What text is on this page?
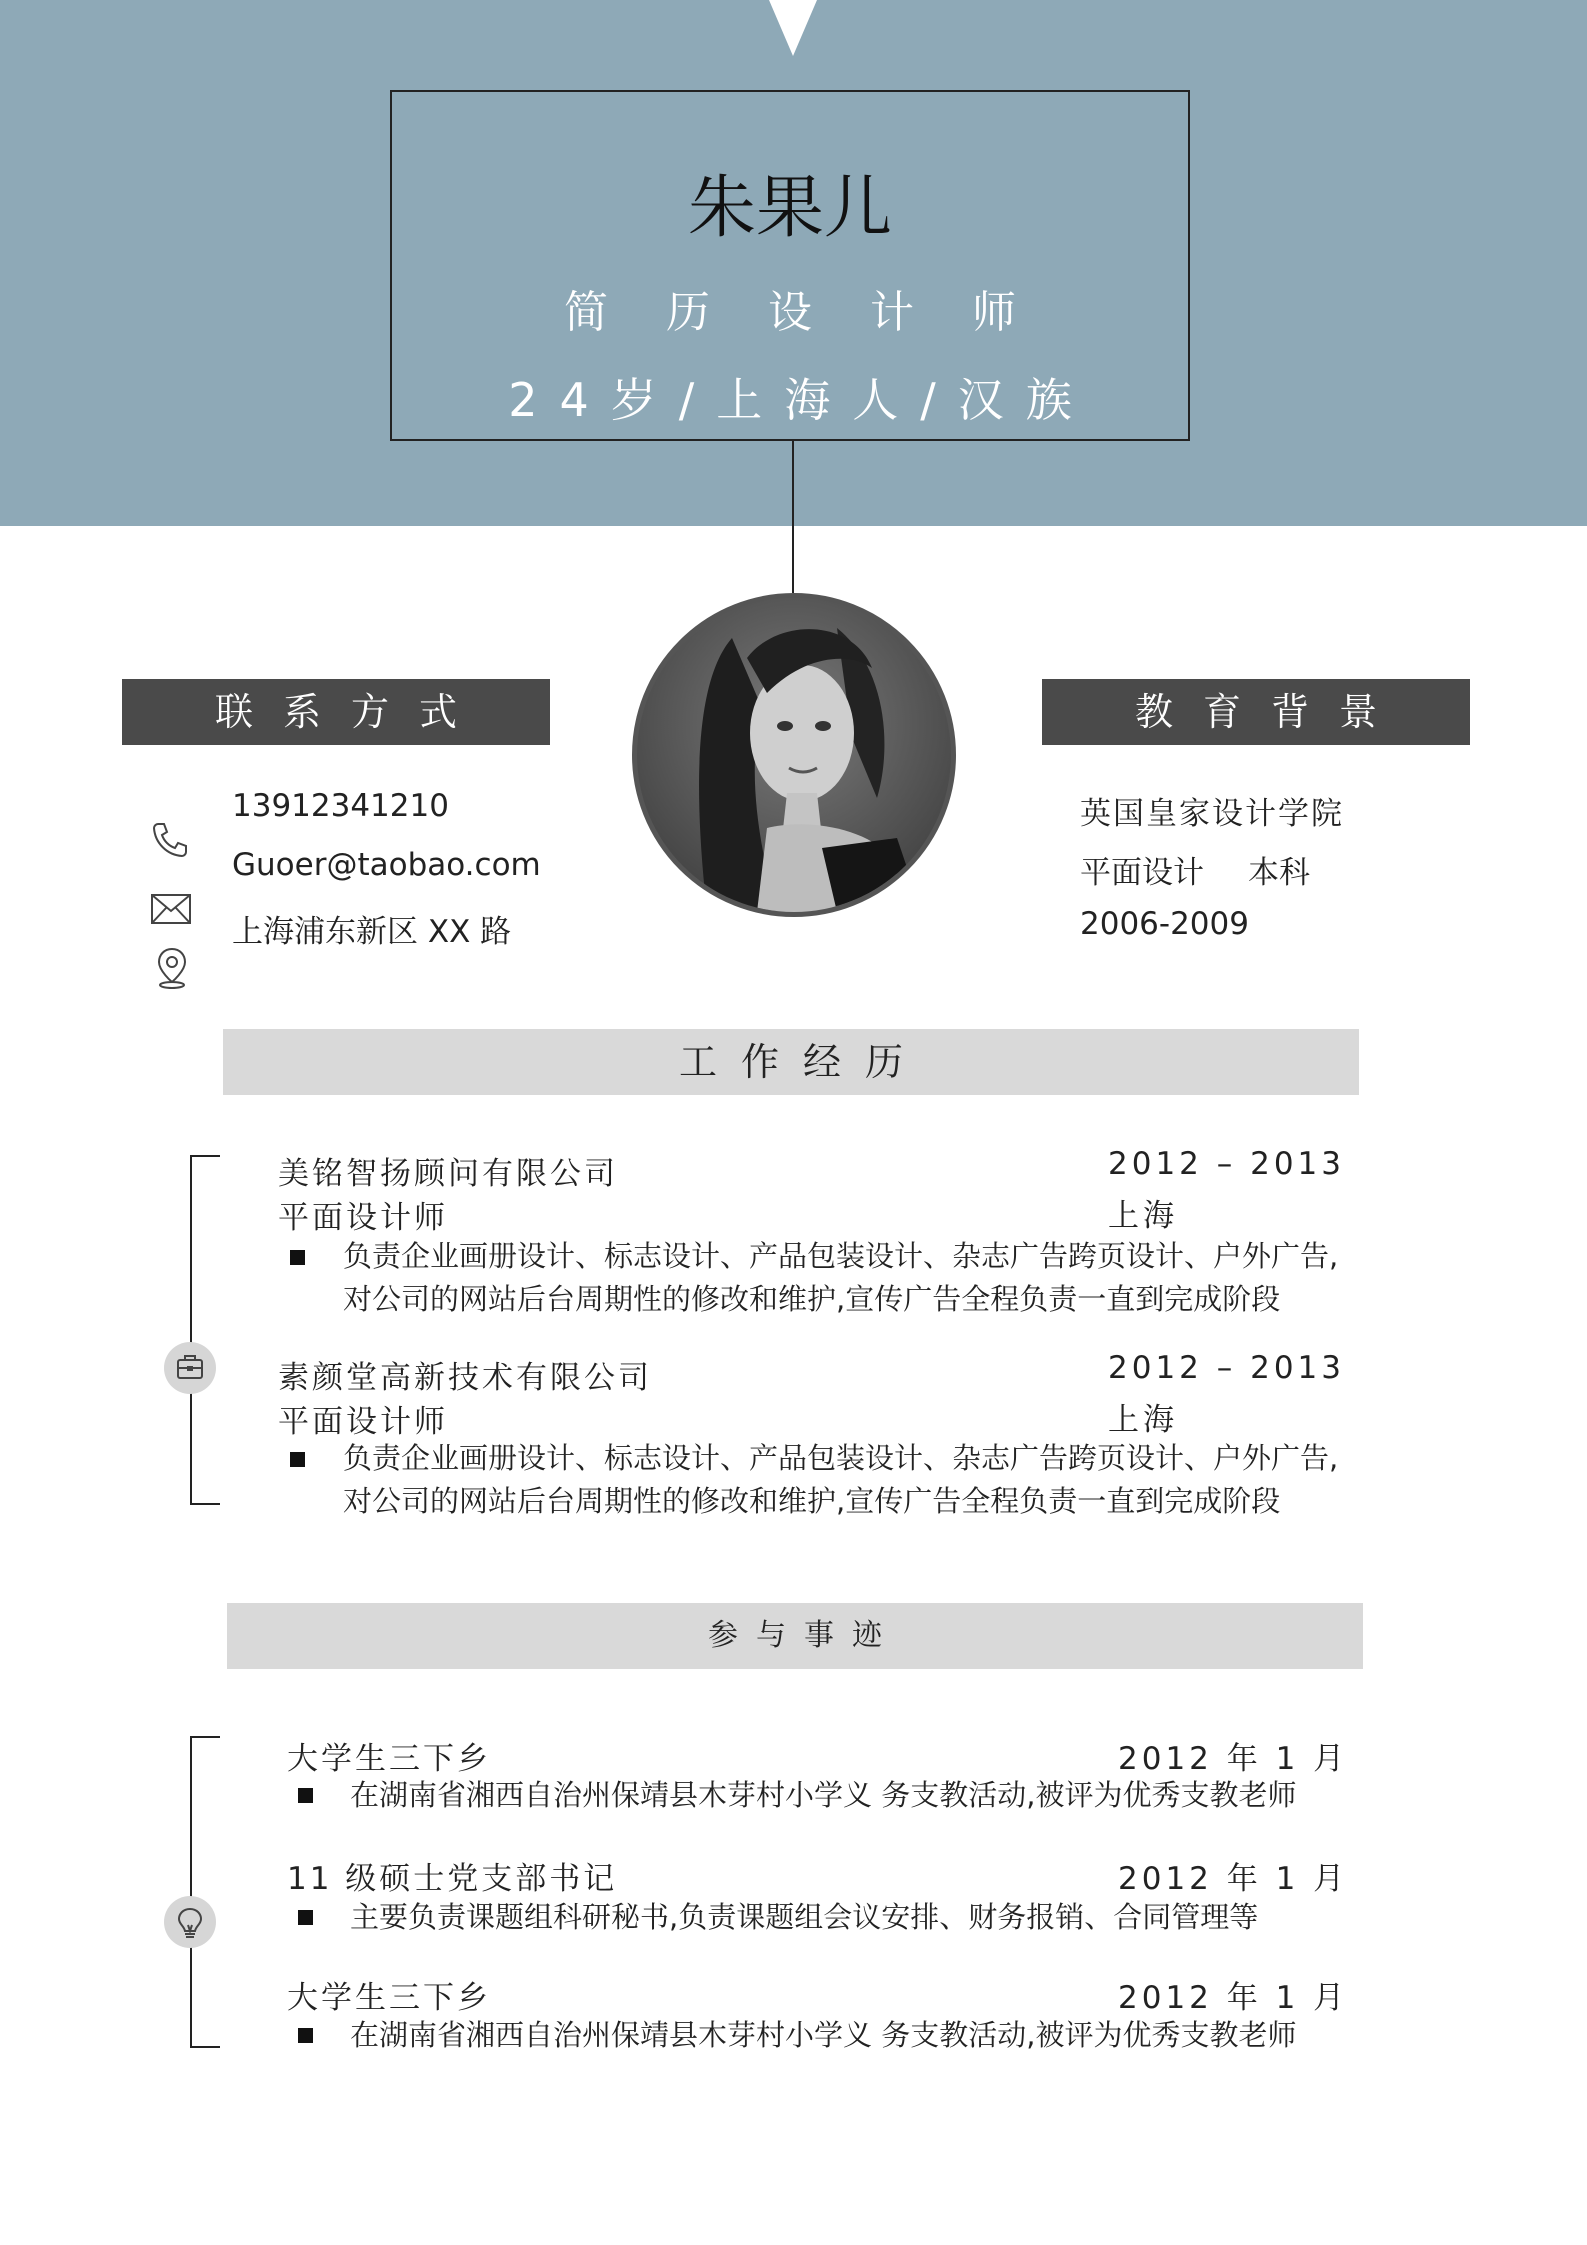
朱果儿
简历设计师
24岁/上海人/汉族
联系方式
13912341210
Guoer@taobao.com
上海浦东新区 XX 路
教育背景
英国皇家设计学院
平面设计 本科
2006-2009
工作经历
美铭智扬顾问有限公司	2012 – 2013
平面设计师	上海
负责企业画册设计、标志设计、产品包装设计、杂志广告跨页设计、户外广告,
对公司的网站后台周期性的修改和维护,宣传广告全程负责一直到完成阶段
素颜堂高新技术有限公司	2012 – 2013
平面设计师	上海
负责企业画册设计、标志设计、产品包装设计、杂志广告跨页设计、户外广告,
对公司的网站后台周期性的修改和维护,宣传广告全程负责一直到完成阶段
参与事迹
大学生三下乡	2012 年 1 月
在湖南省湘西自治州保靖县木芽村小学义 务支教活动,被评为优秀支教老师
11 级硕士党支部书记	2012 年 1 月
主要负责课题组科研秘书,负责课题组会议安排、财务报销、合同管理等
大学生三下乡	2012 年 1 月
在湖南省湘西自治州保靖县木芽村小学义 务支教活动,被评为优秀支教老师
